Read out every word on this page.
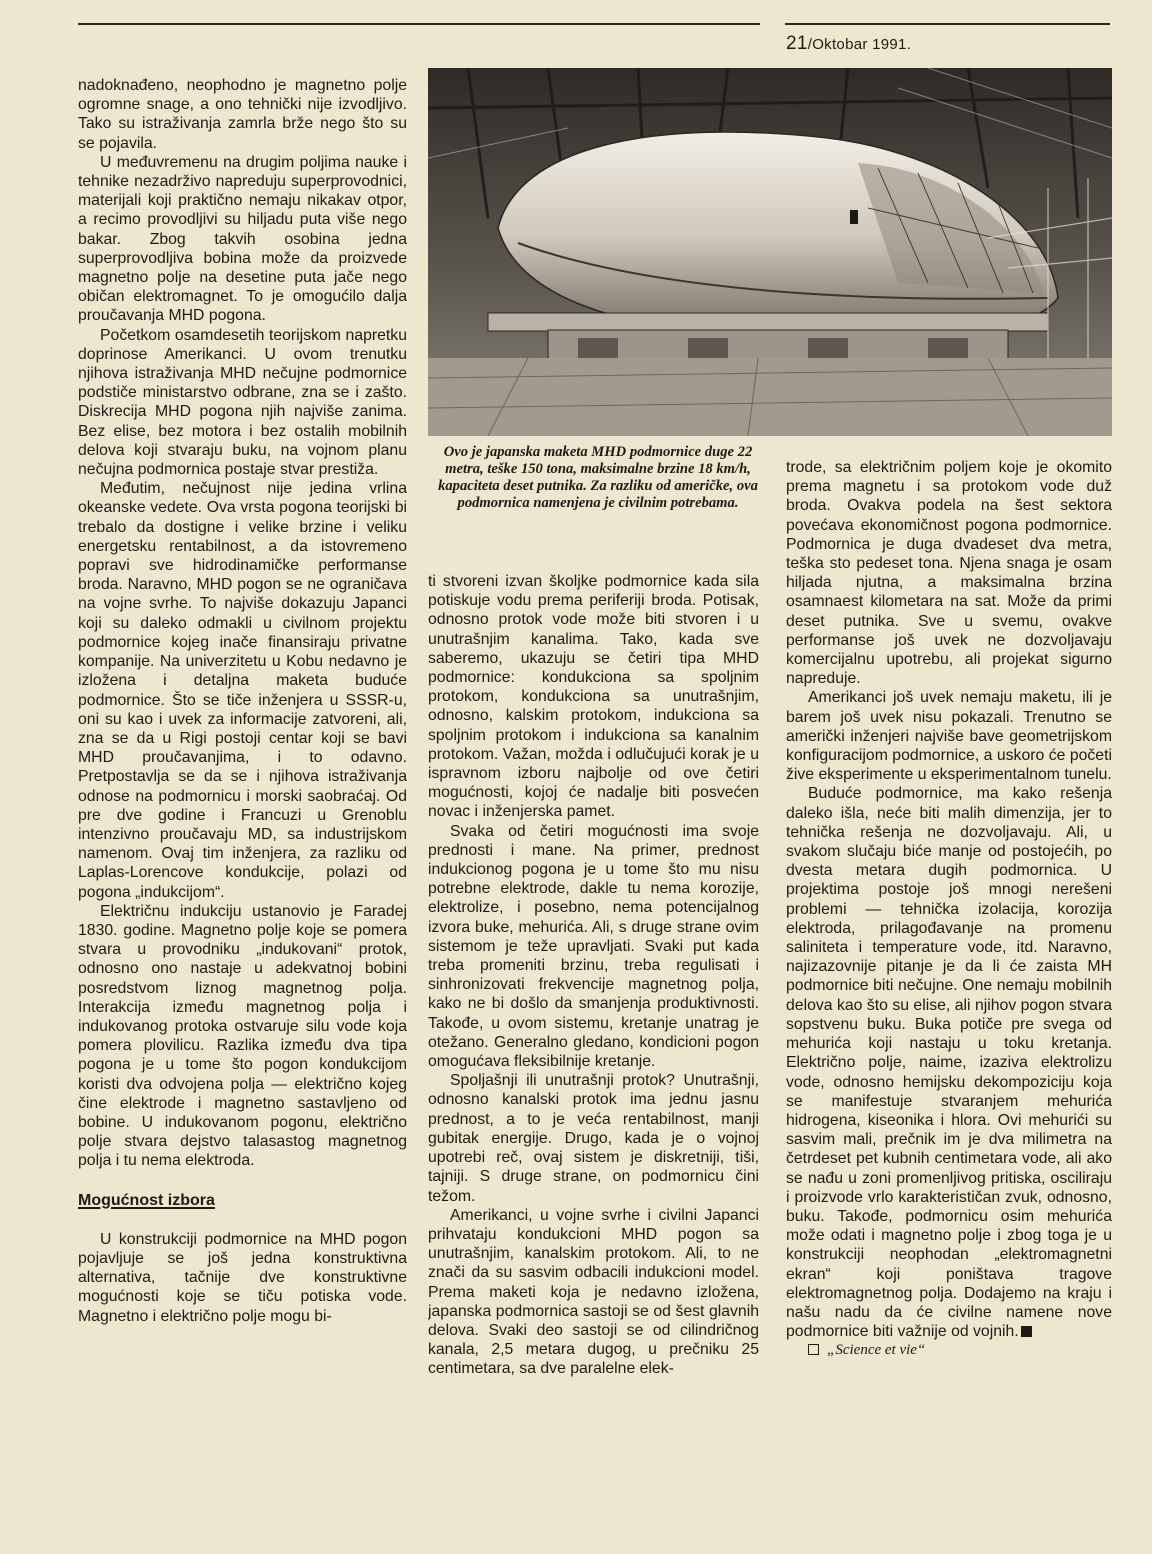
21/Oktobar 1991.

nadoknađeno, neophodno je magnetno polje ogromne snage, a ono tehnički nije izvodljivo. Tako su istraživanja zamrla brže nego što su se pojavila.

U međuvremenu na drugim poljima nauke i tehnike nezadrživo napreduju superprovodnici, materijali koji praktično nemaju nikakav otpor, a recimo provodljivi su hiljadu puta više nego bakar. Zbog takvih osobina jedna superprovodljiva bobina može da proizvede magnetno polje na desetine puta jače nego običan elektromagnet. To je omogućilo dalja proučavanja MHD pogona.

Početkom osamdesetih teorijskom napretku doprinose Amerikanci. U ovom trenutku njihova istraživanja MHD nečujne podmornice podstiče ministarstvo odbrane, zna se i zašto. Diskrecija MHD pogona njih najviše zanima. Bez elise, bez motora i bez ostalih mobilnih delova koji stvaraju buku, na vojnom planu nečujna podmornica postaje stvar prestiža.

Međutim, nečujnost nije jedina vrlina okeanske vedete. Ova vrsta pogona teorijski bi trebalo da dostigne i velike brzine i veliku energetsku rentabilnost, a da istovremeno popravi sve hidrodinamičke performanse broda. Naravno, MHD pogon se ne ograničava na vojne svrhe. To najviše dokazuju Japanci koji su daleko odmakli u civilnom projektu podmornice kojeg inače finansiraju privatne kompanije. Na univerzitetu u Kobu nedavno je izložena i detaljna maketa buduće podmornice. Što se tiče inženjera u SSSR-u, oni su kao i uvek za informacije zatvoreni, ali, zna se da u Rigi postoji centar koji se bavi MHD proučavanjima, i to odavno. Pretpostavlja se da se i njihova istraživanja odnose na podmornicu i morski saobraćaj. Od pre dve godine i Francuzi u Grenoblu intenzivno proučavaju MD, sa industrijskom namenom. Ovaj tim inženjera, za razliku od Laplas-Lorencove kondukcije, polazi od pogona „indukcijom“.

Električnu indukciju ustanovio je Faradej 1830. godine. Magnetno polje koje se pomera stvara u provodniku „indukovani“ protok, odnosno ono nastaje u adekvatnoj bobini posredstvom liznog magnetnog polja. Interakcija između magnetnog polja i indukovanog protoka ostvaruje silu vode koja pomera plovilicu. Razlika između dva tipa pogona je u tome što pogon kondukcijom koristi dva odvojena polja — električno kojeg čine elektrode i magnetno sastavljeno od bobine. U indukovanom pogonu, električno polje stvara dejstvo talasastog magnetnog polja i tu nema elektroda.

Mogućnost izbora

U konstrukciji podmornice na MHD pogon pojavljuje se još jedna konstruktivna alternativa, tačnije dve konstruktivne mogućnosti koje se tiču potiska vode. Magnetno i električno polje mogu bi-

Ovo je japanska maketa MHD podmornice duge 22 metra, teške 150 tona, maksimalne brzine 18 km/h, kapaciteta deset putnika. Za razliku od američke, ova podmornica namenjena je civilnim potrebama.

ti stvoreni izvan školjke podmornice kada sila potiskuje vodu prema periferiji broda. Potisak, odnosno protok vode može biti stvoren i u unutrašnjim kanalima. Tako, kada sve saberemo, ukazuju se četiri tipa MHD podmornice: kondukciona sa spoljnim protokom, kondukciona sa unutrašnjim, odnosno, kalskim protokom, indukciona sa spoljnim protokom i indukciona sa kanalnim protokom. Važan, možda i odlučujući korak je u ispravnom izboru najbolje od ove četiri mogućnosti, kojoj će nadalje biti posvećen novac i inženjerska pamet.

Svaka od četiri mogućnosti ima svoje prednosti i mane. Na primer, prednost indukcionog pogona je u tome što mu nisu potrebne elektrode, dakle tu nema korozije, elektrolize, i posebno, nema potencijalnog izvora buke, mehurića. Ali, s druge strane ovim sistemom je teže upravljati. Svaki put kada treba promeniti brzinu, treba regulisati i sinhronizovati frekvencije magnetnog polja, kako ne bi došlo da smanjenja produktivnosti. Takođe, u ovom sistemu, kretanje unatrag je otežano. Generalno gledano, kondicioni pogon omogućava fleksibilnije kretanje.

Spoljašnji ili unutrašnji protok? Unutrašnji, odnosno kanalski protok ima jednu jasnu prednost, a to je veća rentabilnost, manji gubitak energije. Drugo, kada je o vojnoj upotrebi reč, ovaj sistem je diskretniji, tiši, tajniji. S druge strane, on podmornicu čini težom.

Amerikanci, u vojne svrhe i civilni Japanci prihvataju kondukcioni MHD pogon sa unutrašnjim, kanalskim protokom. Ali, to ne znači da su sasvim odbacili indukcioni model. Prema maketi koja je nedavno izložena, japanska podmornica sastoji se od šest glavnih delova. Svaki deo sastoji se od cilindričnog kanala, 2,5 metara dugog, u prečniku 25 centimetara, sa dve paralelne elek-

trode, sa električnim poljem koje je okomito prema magnetu i sa protokom vode duž broda. Ovakva podela na šest sektora povećava ekonomičnost pogona podmornice. Podmornica je duga dvadeset dva metra, teška sto pedeset tona. Njena snaga je osam hiljada njutna, a maksimalna brzina osamnaest kilometara na sat. Može da primi deset putnika. Sve u svemu, ovakve performanse još uvek ne dozvoljavaju komercijalnu upotrebu, ali projekat sigurno napreduje.

Amerikanci još uvek nemaju maketu, ili je barem još uvek nisu pokazali. Trenutno se američki inženjeri najviše bave geometrijskom konfiguracijom podmornice, a uskoro će početi žive eksperimente u eksperimentalnom tunelu.

Buduće podmornice, ma kako rešenja daleko išla, neće biti malih dimenzija, jer to tehnička rešenja ne dozvoljavaju. Ali, u svakom slučaju biće manje od postojećih, po dvesta metara dugih podmornica. U projektima postoje još mnogi nerešeni problemi — tehnička izolacija, korozija elektroda, prilagođavanje na promenu saliniteta i temperature vode, itd. Naravno, najizazovnije pitanje je da li će zaista MH podmornice biti nečujne. One nemaju mobilnih delova kao što su elise, ali njihov pogon stvara sopstvenu buku. Buka potiče pre svega od mehurića koji nastaju u toku kretanja. Električno polje, naime, izaziva elektrolizu vode, odnosno hemijsku dekompoziciju koja se manifestuje stvaranjem mehurića hidrogena, kiseonika i hlora. Ovi mehurići su sasvim mali, prečnik im je dva milimetra na četrdeset pet kubnih centimetara vode, ali ako se nađu u zoni promenljivog pritiska, osciliraju i proizvode vrlo karakterističan zvuk, odnosno, buku. Takođe, podmornicu osim mehurića može odati i magnetno polje i zbog toga je u konstrukciji neophodan „elektromagnetni ekran“ koji poništava tragove elektromagnetnog polja. Dodajemo na kraju i našu nadu da će civilne namene nove podmornice biti važnije od vojnih.

„Science et vie“
